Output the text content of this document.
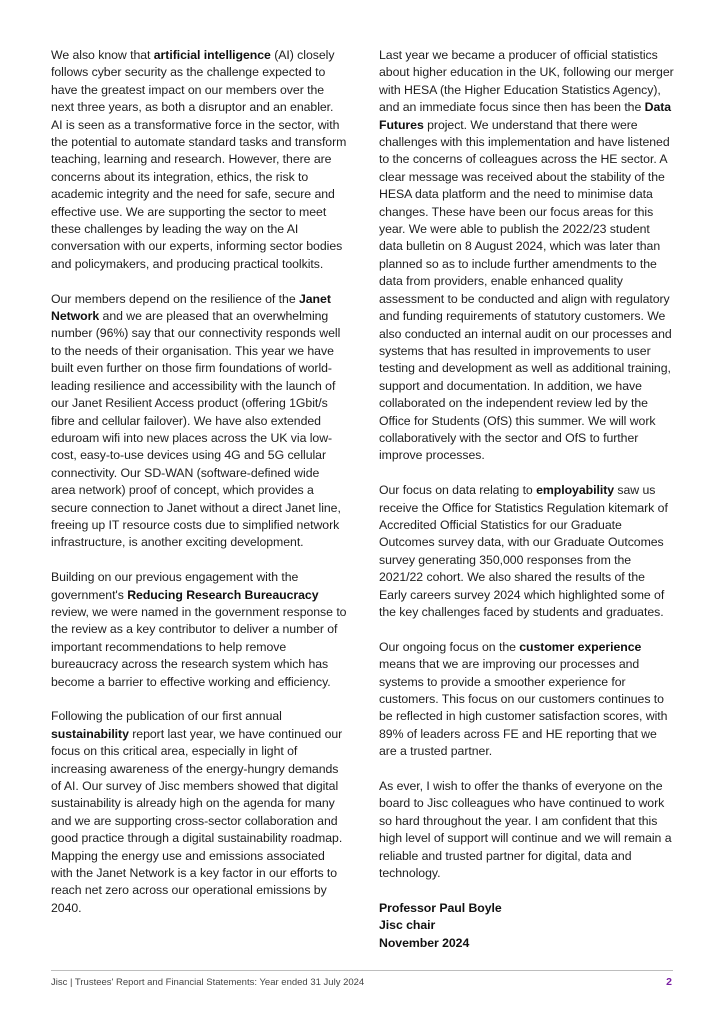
We also know that artificial intelligence (AI) closely follows cyber security as the challenge expected to have the greatest impact on our members over the next three years, as both a disruptor and an enabler. AI is seen as a transformative force in the sector, with the potential to automate standard tasks and transform teaching, learning and research. However, there are concerns about its integration, ethics, the risk to academic integrity and the need for safe, secure and effective use. We are supporting the sector to meet these challenges by leading the way on the AI conversation with our experts, informing sector bodies and policymakers, and producing practical toolkits.

Our members depend on the resilience of the Janet Network and we are pleased that an overwhelming number (96%) say that our connectivity responds well to the needs of their organisation. This year we have built even further on those firm foundations of world-leading resilience and accessibility with the launch of our Janet Resilient Access product (offering 1Gbit/s fibre and cellular failover). We have also extended eduroam wifi into new places across the UK via low-cost, easy-to-use devices using 4G and 5G cellular connectivity. Our SD-WAN (software-defined wide area network) proof of concept, which provides a secure connection to Janet without a direct Janet line, freeing up IT resource costs due to simplified network infrastructure, is another exciting development.

Building on our previous engagement with the government's Reducing Research Bureaucracy review, we were named in the government response to the review as a key contributor to deliver a number of important recommendations to help remove bureaucracy across the research system which has become a barrier to effective working and efficiency.

Following the publication of our first annual sustainability report last year, we have continued our focus on this critical area, especially in light of increasing awareness of the energy-hungry demands of AI. Our survey of Jisc members showed that digital sustainability is already high on the agenda for many and we are supporting cross-sector collaboration and good practice through a digital sustainability roadmap. Mapping the energy use and emissions associated with the Janet Network is a key factor in our efforts to reach net zero across our operational emissions by 2040.

Last year we became a producer of official statistics about higher education in the UK, following our merger with HESA (the Higher Education Statistics Agency), and an immediate focus since then has been the Data Futures project. We understand that there were challenges with this implementation and have listened to the concerns of colleagues across the HE sector. A clear message was received about the stability of the HESA data platform and the need to minimise data changes. These have been our focus areas for this year. We were able to publish the 2022/23 student data bulletin on 8 August 2024, which was later than planned so as to include further amendments to the data from providers, enable enhanced quality assessment to be conducted and align with regulatory and funding requirements of statutory customers. We also conducted an internal audit on our processes and systems that has resulted in improvements to user testing and development as well as additional training, support and documentation. In addition, we have collaborated on the independent review led by the Office for Students (OfS) this summer. We will work collaboratively with the sector and OfS to further improve processes.

Our focus on data relating to employability saw us receive the Office for Statistics Regulation kitemark of Accredited Official Statistics for our Graduate Outcomes survey data, with our Graduate Outcomes survey generating 350,000 responses from the 2021/22 cohort. We also shared the results of the Early careers survey 2024 which highlighted some of the key challenges faced by students and graduates.

Our ongoing focus on the customer experience means that we are improving our processes and systems to provide a smoother experience for customers. This focus on our customers continues to be reflected in high customer satisfaction scores, with 89% of leaders across FE and HE reporting that we are a trusted partner.

As ever, I wish to offer the thanks of everyone on the board to Jisc colleagues who have continued to work so hard throughout the year. I am confident that this high level of support will continue and we will remain a reliable and trusted partner for digital, data and technology.

Professor Paul Boyle
Jisc chair
November 2024
Jisc | Trustees' Report and Financial Statements: Year ended 31 July 2024	2
